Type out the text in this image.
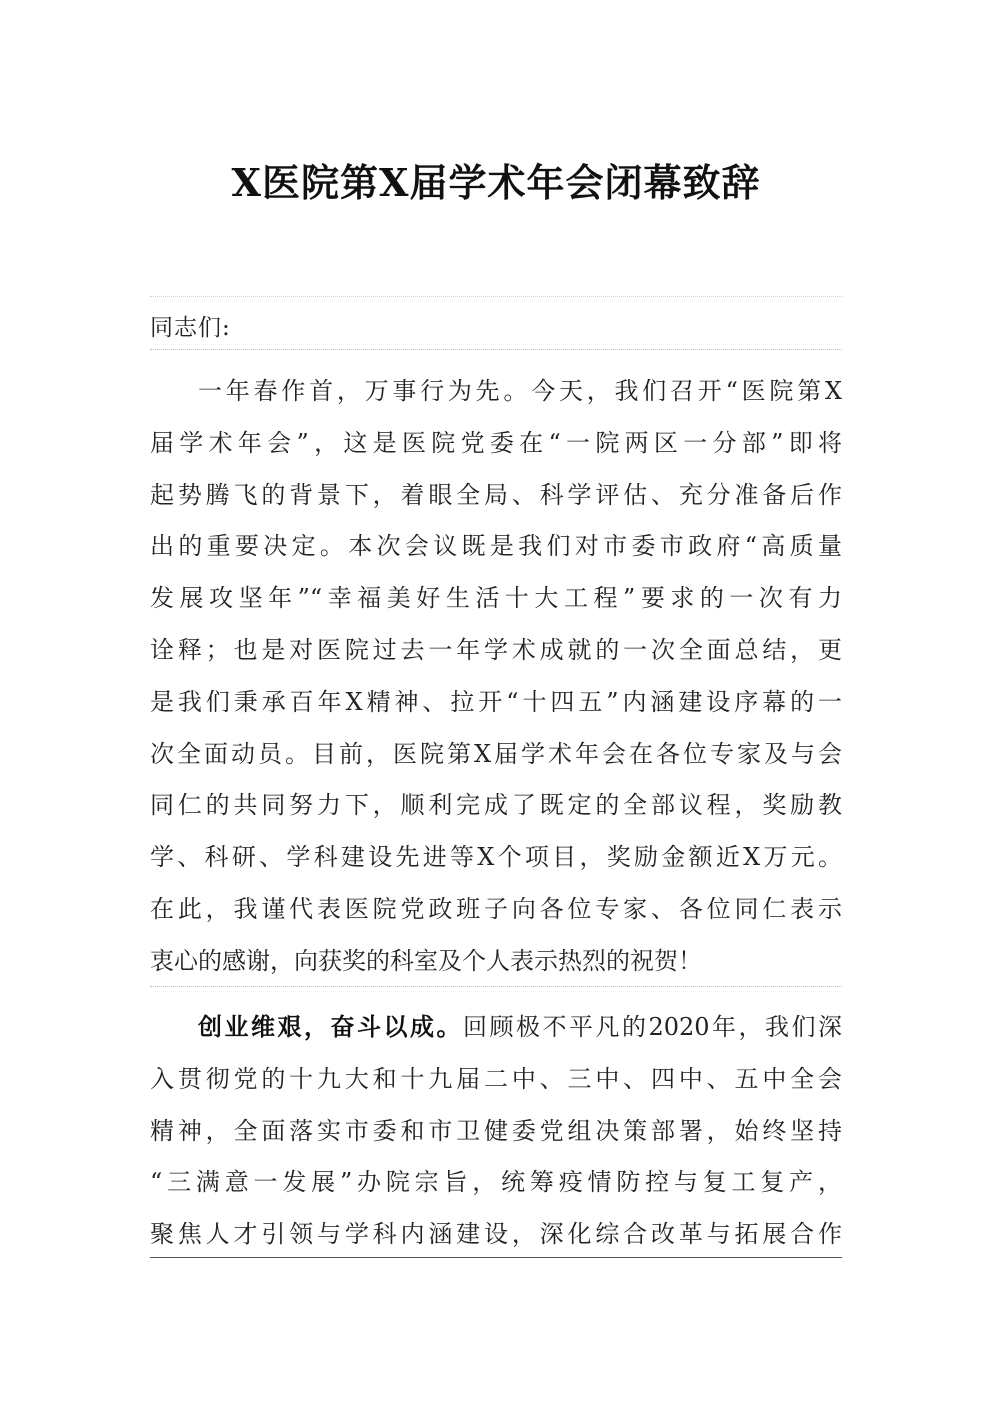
X医院第X届学术年会闭幕致辞
同志们:
一年春作首，万事行为先。今天，我们召开“医院第X
届学术年会”，这是医院党委在“一院两区一分部”即将
起势腾飞的背景下，着眼全局、科学评估、充分准备后作
出的重要决定。本次会议既是我们对市委市政府“高质量
发展攻坚年”“幸福美好生活十大工程”要求的一次有力
诠释；也是对医院过去一年学术成就的一次全面总结，更
是我们秉承百年X精神、拉开“十四五”内涵建设序幕的一
次全面动员。目前，医院第X届学术年会在各位专家及与会
同仁的共同努力下，顺利完成了既定的全部议程，奖励教
学、科研、学科建设先进等X个项目，奖励金额近X万元。
在此，我谨代表医院党政班子向各位专家、各位同仁表示
衷心的感谢，向获奖的科室及个人表示热烈的祝贺！
创业维艰，奋斗以成。回顾极不平凡的2020年，我们深
入贯彻党的十九大和十九届二中、三中、四中、五中全会
精神，全面落实市委和市卫健委党组决策部署，始终坚持
“三满意一发展”办院宗旨，统筹疫情防控与复工复产，
聚焦人才引领与学科内涵建设，深化综合改革与拓展合作
